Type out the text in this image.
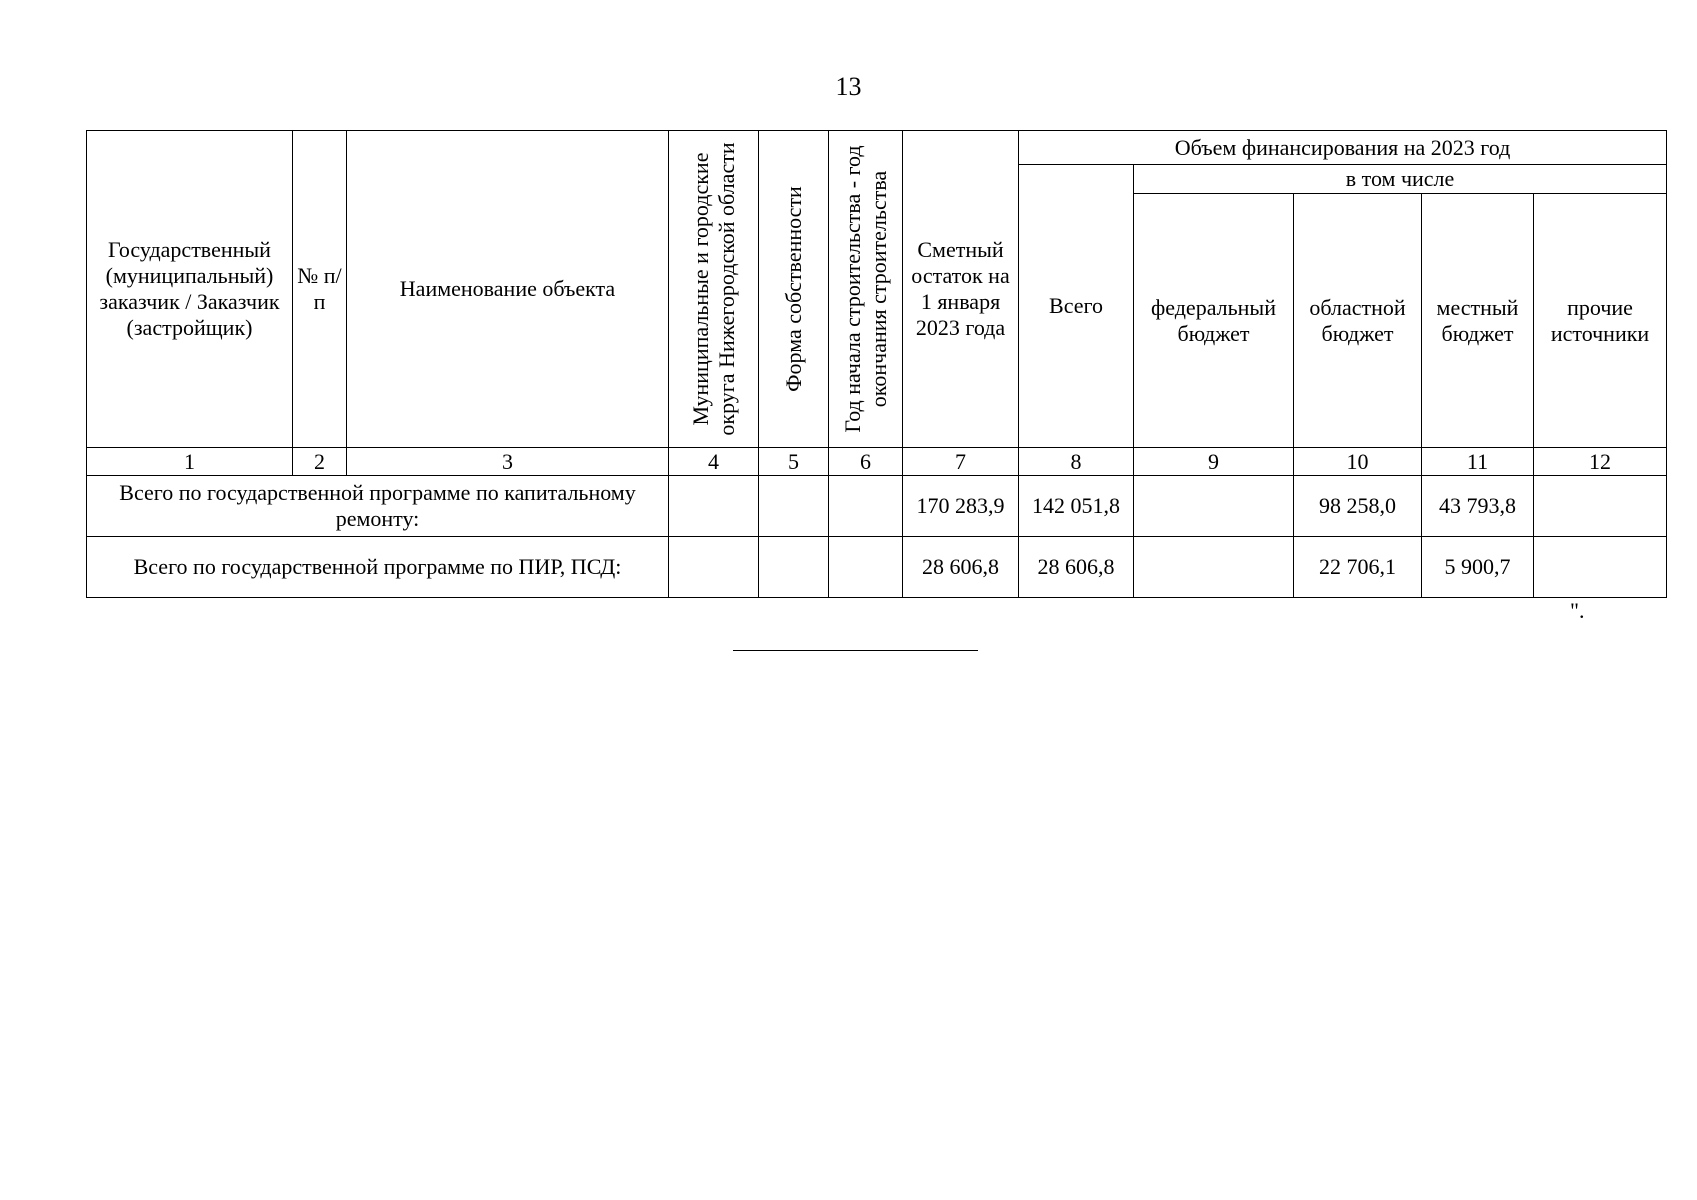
13
Государственный (муниципальный) заказчик / Заказчик (застройщик)	№ п/п	Наименование объекта	Муниципальные и городские округа Нижегородской области	Форма собственности	Год начала строительства - год окончания строительства	Сметный остаток на 1 января 2023 года	Объем финансирования на 2023 год				
							Всего	в том числе			
								федеральный бюджет	областной бюджет	местный бюджет	прочие источники
1	2	3	4	5	6	7	8	9	10	11	12
Всего по государственной программе по капитальному ремонту:						170 283,9	142 051,8		98 258,0	43 793,8	
Всего по государственной программе по ПИР, ПСД:						28 606,8	28 606,8		22 706,1	5 900,7	
".
